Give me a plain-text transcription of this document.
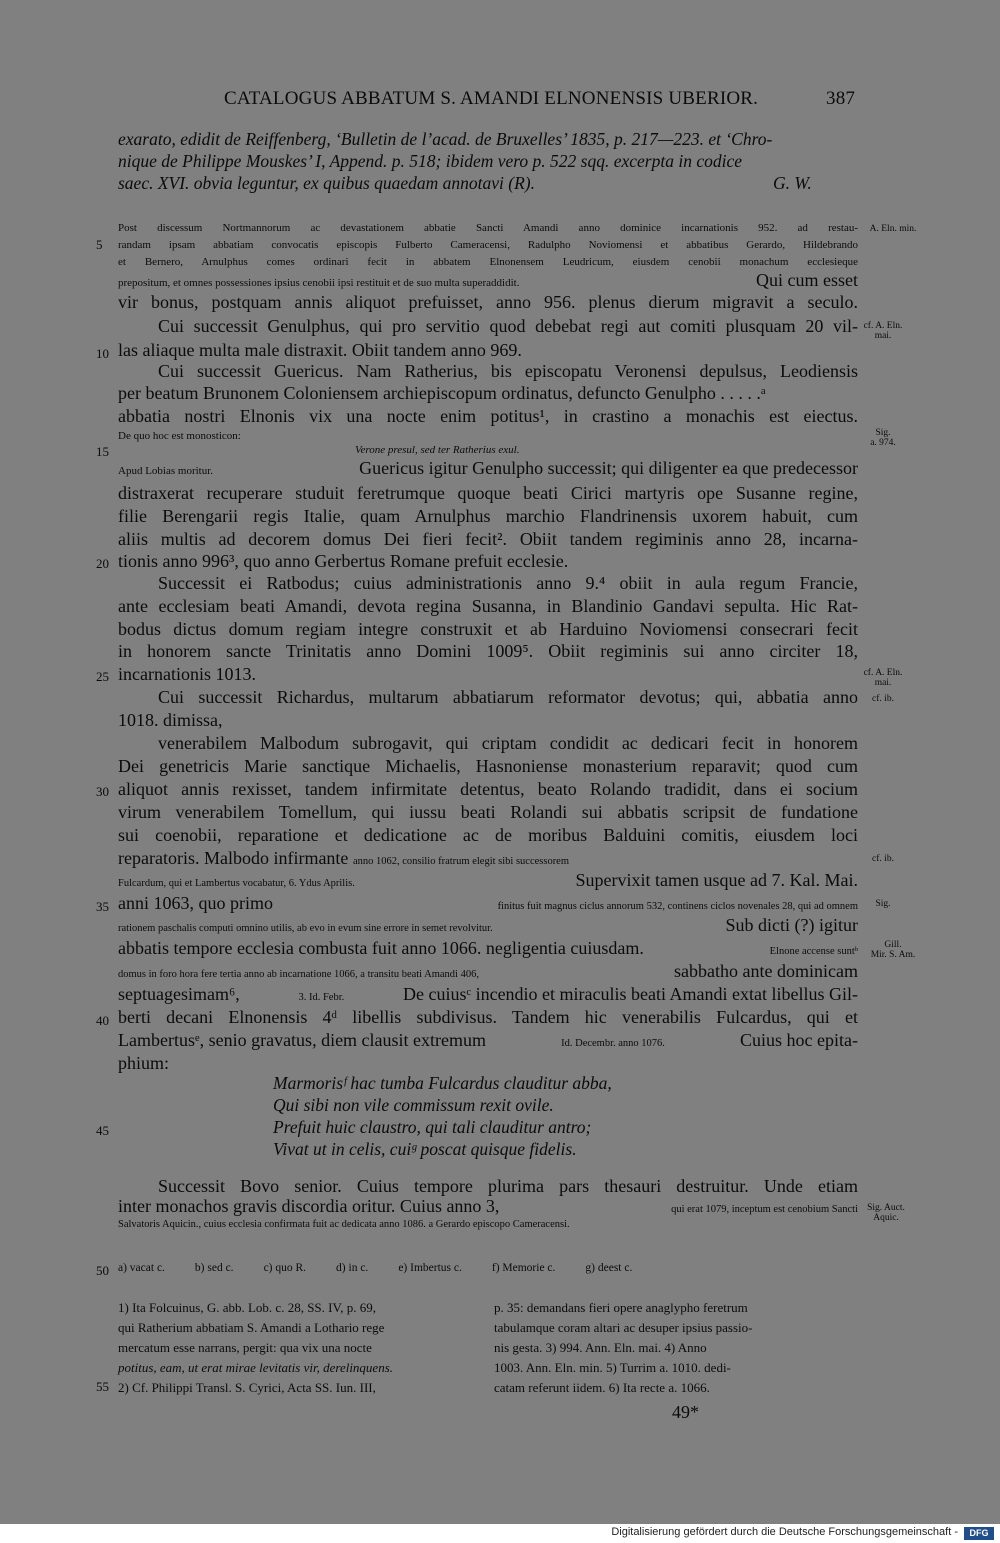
CATALOGUS ABBATUM S. AMANDI ELNONENSIS UBERIOR.	387
exarato, edidit de Reiffenberg, ‘Bulletin de l’acad. de Bruxelles’ 1835, p. 217—223. et ‘Chro-
nique de Philippe Mouskes’ I, Append. p. 518; ibidem vero p. 522 sqq. excerpta in codice
saec. XVI. obvia leguntur, ex quibus quaedam annotavi (R).	G. W.
5
10
15
20
25
30
35
40
45
50
55
A. Eln. min.
cf. A. Eln.
mai.
Sig.
a. 974.
cf. A. Eln.
mai.
cf. ib.
cf. ib.
Sig.
Gill.
Mir. S. Am.
Sig. Auct.
Aquic.
Post discessum Nortmannorum ac devastationem abbatie Sancti Amandi anno dominice incarnationis 952. ad restau-
randam ipsam abbatiam convocatis episcopis Fulberto Cameracensi, Radulpho Noviomensi et abbatibus Gerardo, Hildebrando
et Bernero, Arnulphus comes ordinari fecit in abbatem Elnonensem Leudricum, eiusdem cenobii monachum ecclesieque
prepositum, et omnes possessiones ipsius cenobii ipsi restituit et de suo multa superaddidit.	Qui cum esset
vir bonus, postquam annis aliquot prefuisset, anno 956. plenus dierum migravit a seculo.
Cui successit Genulphus, qui pro servitio quod debebat regi aut comiti plusquam 20 vil-
las aliaque multa male distraxit. Obiit tandem anno 969.
Cui successit Guericus. Nam Ratherius, bis episcopatu Veronensi depulsus, Leodiensis
per beatum Brunonem Coloniensem archiepiscopum ordinatus, defuncto Genulpho . . . . .ᵃ
abbatia nostri Elnonis vix una nocte enim potitus¹, in crastino a monachis est eiectus.
De quo hoc est monosticon:
Verone presul, sed ter Ratherius exul.
Apud Lobias moritur.	Guericus igitur Genulpho successit; qui diligenter ea que predecessor
distraxerat recuperare studuit feretrumque quoque beati Cirici martyris ope Susanne regine,
filie Berengarii regis Italie, quam Arnulphus marchio Flandrinensis uxorem habuit, cum
aliis multis ad decorem domus Dei fieri fecit². Obiit tandem regiminis anno 28, incarna-
tionis anno 996³, quo anno Gerbertus Romane prefuit ecclesie.
Successit ei Ratbodus; cuius administrationis anno 9.⁴ obiit in aula regum Francie,
ante ecclesiam beati Amandi, devota regina Susanna, in Blandinio Gandavi sepulta. Hic Rat-
bodus dictus domum regiam integre construxit et ab Harduino Noviomensi consecrari fecit
in honorem sancte Trinitatis anno Domini 1009⁵. Obiit regiminis sui anno circiter 18,
incarnationis 1013.
Cui successit Richardus, multarum abbatiarum reformator devotus; qui, abbatia anno
1018. dimissa,
venerabilem Malbodum subrogavit, qui criptam condidit ac dedicari fecit in honorem
Dei genetricis Marie sanctique Michaelis, Hasnoniense monasterium reparavit; quod cum
aliquot annis rexisset, tandem infirmitate detentus, beato Rolando tradidit, dans ei socium
virum venerabilem Tomellum, qui iussu beati Rolandi sui abbatis scripsit de fundatione
sui coenobii, reparatione et dedicatione ac de moribus Balduini comitis, eiusdem loci
reparatoris. Malbodo infirmante anno 1062, consilio fratrum elegit sibi successorem
Fulcardum, qui et Lambertus vocabatur, 6. Ydus Aprilis.	Supervixit tamen usque ad 7. Kal. Mai.
anni 1063, quo primo	finitus fuit magnus ciclus annorum 532, continens ciclos novenales 28, qui ad omnem
rationem paschalis computi omnino utilis, ab evo in evum sine errore in semet revolvitur.	Sub dicti (?) igitur
abbatis tempore ecclesia combusta fuit anno 1066. negligentia cuiusdam.	Elnone accense suntᵇ
domus in foro hora fere tertia anno ab incarnatione 1066, a transitu beati Amandi 406,	sabbatho ante dominicam
septuagesimam⁶,	3. Id. Febr.	De cuiusᶜ incendio et miraculis beati Amandi extat libellus Gil-
berti decani Elnonensis 4ᵈ libellis subdivisus. Tandem hic venerabilis Fulcardus, qui et
Lambertusᵉ, senio gravatus, diem clausit extremum	Id. Decembr. anno 1076.	Cuius hoc epita-
phium:
Marmorisᶠ hac tumba Fulcardus clauditur abba,
Qui sibi non vile commissum rexit ovile.
Prefuit huic claustro, qui tali clauditur antro;
Vivat ut in celis, cuiᵍ poscat quisque fidelis.
Successit Bovo senior. Cuius tempore plurima pars thesauri destruitur. Unde etiam
inter monachos gravis discordia oritur. Cuius anno 3,	qui erat 1079, inceptum est cenobium Sancti
Salvatoris Aquicin., cuius ecclesia confirmata fuit ac dedicata anno 1086. a Gerardo episcopo Cameracensi.
a) vacat c.	b) sed c.	c) quo R.	d) in c.	e) Imbertus c.	f) Memorie c.	g) deest c.
1) Ita Folcuinus, G. abb. Lob. c. 28, SS. IV, p. 69,
qui Ratherium abbatiam S. Amandi a Lothario rege
mercatum esse narrans, pergit: qua vix una nocte
potitus, eam, ut erat mirae levitatis vir, derelinquens.
2) Cf. Philippi Transl. S. Cyrici, Acta SS. Iun. III,
p. 35: demandans fieri opere anaglypho feretrum
tabulamque coram altari ac desuper ipsius passio-
nis gesta. 3) 994. Ann. Eln. mai. 4) Anno
1003. Ann. Eln. min. 5) Turrim a. 1010. dedi-
catam referunt iidem. 6) Ita recte a. 1066.
49*
Digitalisierung gefördert durch die Deutsche Forschungsgemeinschaft -	DFG
